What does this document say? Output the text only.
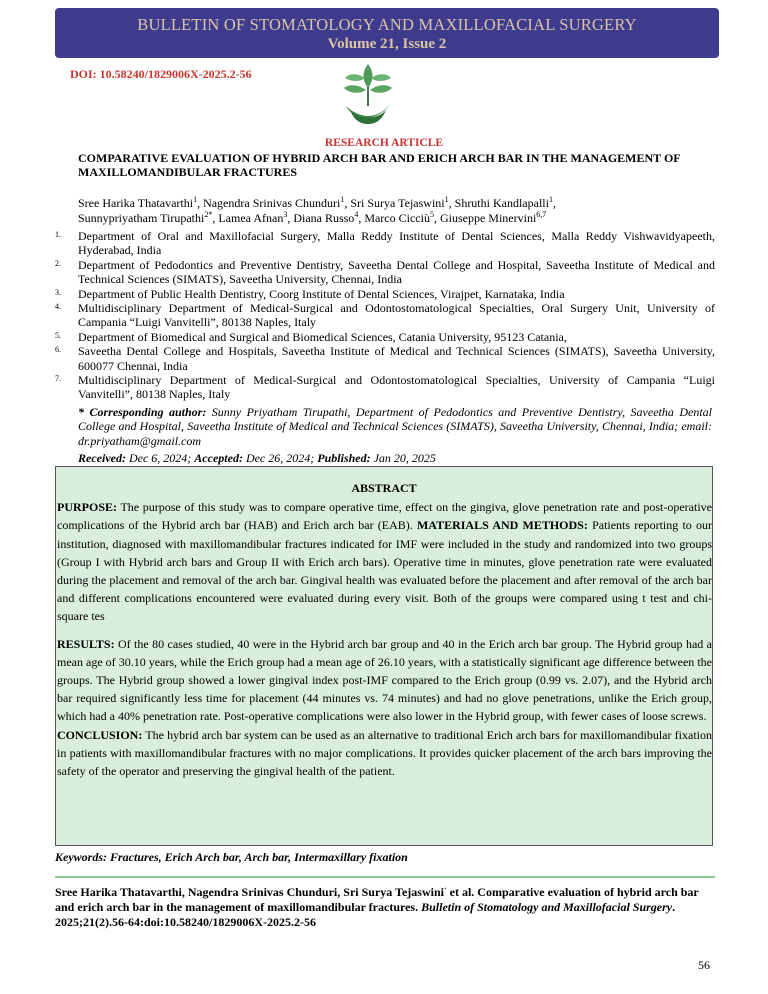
BULLETIN OF STOMATOLOGY AND MAXILLOFACIAL SURGERY
Volume 21, Issue 2
DOI: 10.58240/1829006X-2025.2-56
RESEARCH ARTICLE
COMPARATIVE EVALUATION OF HYBRID ARCH BAR AND ERICH ARCH BAR IN THE MANAGEMENT OF MAXILLOMANDIBULAR FRACTURES
Sree Harika Thatavarthi$^1$, Nagendra Srinivas Chunduri$^1$, Sri Surya Tejaswini$^1$, Shruthi Kandlapalli$^1$,
Sunnypriyatham Tirupathi$^{2*}$, Lamea Afnan$^3$, Diana Russo$^4$, Marco Cicciù$^5$, Giuseppe Minervini$^{6,7}$
1. Department of Oral and Maxillofacial Surgery, Malla Reddy Institute of Dental Sciences, Malla Reddy Vishwavidyapeeth, Hyderabad, India
2. Department of Pedodontics and Preventive Dentistry, Saveetha Dental College and Hospital, Saveetha Institute of Medical and Technical Sciences (SIMATS), Saveetha University, Chennai, India
3. Department of Public Health Dentistry, Coorg Institute of Dental Sciences, Virajpet, Karnataka, India
4. Multidisciplinary Department of Medical-Surgical and Odontostomatological Specialties, Oral Surgery Unit, University of Campania “Luigi Vanvitelli”, 80138 Naples, Italy
5. Department of Biomedical and Surgical and Biomedical Sciences, Catania University, 95123 Catania,
6. Saveetha Dental College and Hospitals, Saveetha Institute of Medical and Technical Sciences (SIMATS), Saveetha University, 600077 Chennai, India
7. Multidisciplinary Department of Medical-Surgical and Odontostomatological Specialties, University of Campania “Luigi Vanvitelli”, 80138 Naples, Italy
* Corresponding author: Sunny Priyatham Tirupathi, Department of Pedodontics and Preventive Dentistry, Saveetha Dental College and Hospital, Saveetha Institute of Medical and Technical Sciences (SIMATS), Saveetha University, Chennai, India; email: dr.priyatham@gmail.com
Received: Dec 6, 2024; Accepted: Dec 26, 2024; Published: Jan 20, 2025
ABSTRACT

PURPOSE: The purpose of this study was to compare operative time, effect on the gingiva, glove penetration rate and post-operative complications of the Hybrid arch bar (HAB) and Erich arch bar (EAB). MATERIALS AND METHODS: Patients reporting to our institution, diagnosed with maxillomandibular fractures indicated for IMF were included in the study and randomized into two groups (Group I with Hybrid arch bars and Group II with Erich arch bars). Operative time in minutes, glove penetration rate were evaluated during the placement and removal of the arch bar. Gingival health was evaluated before the placement and after removal of the arch bar and different complications encountered were evaluated during every visit. Both of the groups were compared using t test and chi-square tes

RESULTS: Of the 80 cases studied, 40 were in the Hybrid arch bar group and 40 in the Erich arch bar group. The Hybrid group had a mean age of 30.10 years, while the Erich group had a mean age of 26.10 years, with a statistically significant age difference between the groups. The Hybrid group showed a lower gingival index post-IMF compared to the Erich group (0.99 vs. 2.07), and the Hybrid arch bar required significantly less time for placement (44 minutes vs. 74 minutes) and had no glove penetrations, unlike the Erich group, which had a 40% penetration rate. Post-operative complications were also lower in the Hybrid group, with fewer cases of loose screws.

CONCLUSION: The hybrid arch bar system can be used as an alternative to traditional Erich arch bars for maxillomandibular fixation in patients with maxillomandibular fractures with no major complications. It provides quicker placement of the arch bars improving the safety of the operator and preserving the gingival health of the patient.

Keywords: Fractures, Erich Arch bar, Arch bar, Intermaxillary fixation
Sree Harika Thatavarthi, Nagendra Srinivas Chunduri, Sri Surya Tejaswini· et al. Comparative evaluation of hybrid arch bar and erich arch bar in the management of maxillomandibular fractures. Bulletin of Stomatology and Maxillofacial Surgery. 2025;21(2).56-64:doi:10.58240/1829006X-2025.2-56
56
